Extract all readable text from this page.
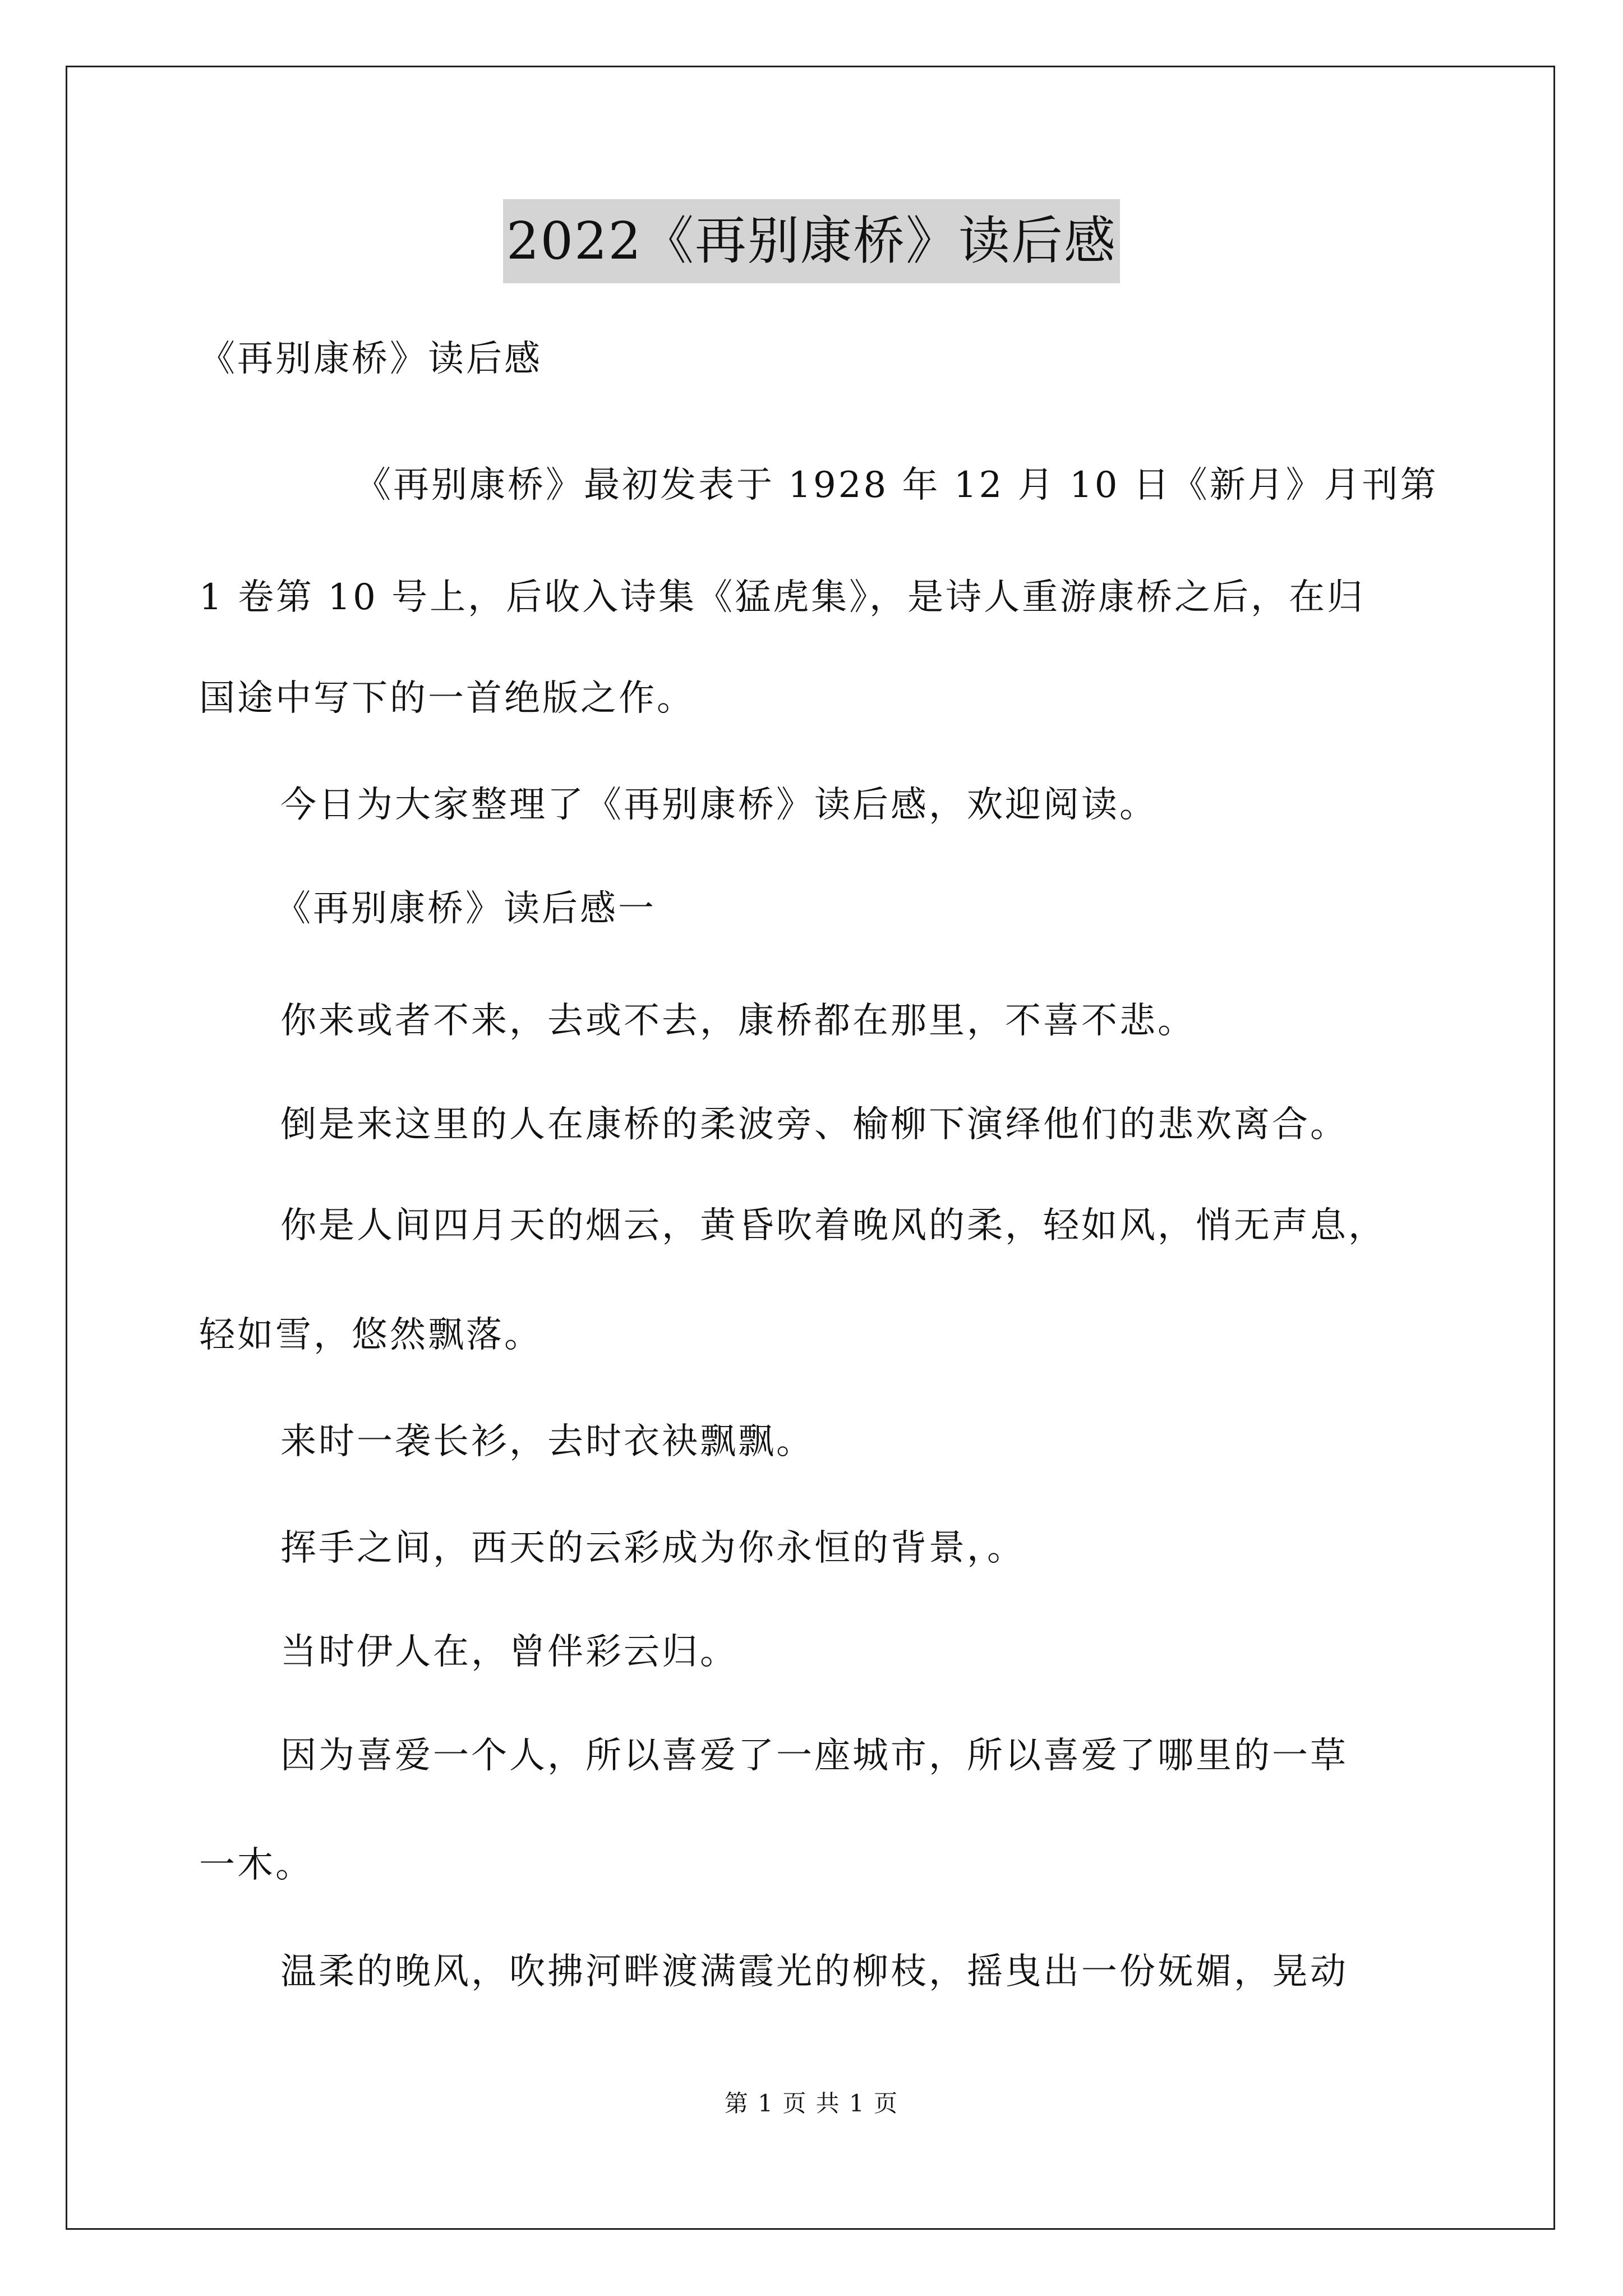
2022《再别康桥》读后感
《再别康桥》读后感
《再别康桥》最初发表于 1928 年 12 月 10 日《新月》月刊第
1 卷第 10 号上，后收入诗集《猛虎集》，是诗人重游康桥之后，在归
国途中写下的一首绝版之作。
今日为大家整理了《再别康桥》读后感，欢迎阅读。
《再别康桥》读后感一
你来或者不来，去或不去，康桥都在那里，不喜不悲。
倒是来这里的人在康桥的柔波旁、榆柳下演绎他们的悲欢离合。
你是人间四月天的烟云，黄昏吹着晚风的柔，轻如风，悄无声息，
轻如雪，悠然飘落。
来时一袭长衫，去时衣袂飘飘。
挥手之间，西天的云彩成为你永恒的背景，。
当时伊人在，曾伴彩云归。
因为喜爱一个人，所以喜爱了一座城市，所以喜爱了哪里的一草
一木。
温柔的晚风，吹拂河畔渡满霞光的柳枝，摇曳出一份妩媚，晃动
第 1 页 共 1 页
